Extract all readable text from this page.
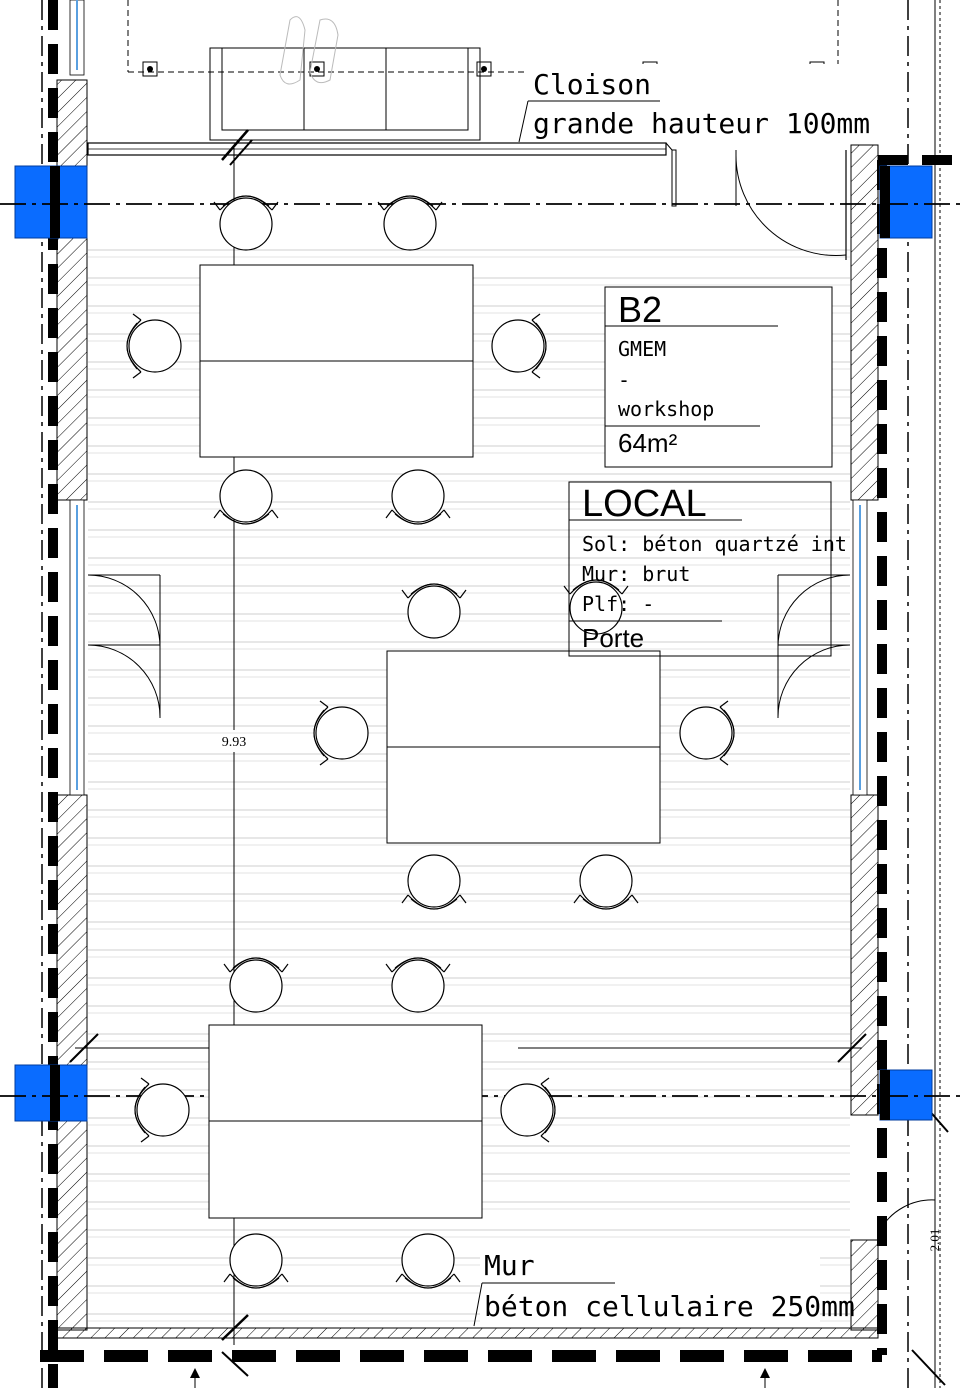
9.93
2.01
B2
GMEM
-
workshop
64m²
LOCAL
Sol: béton quartzé int
Mur: brut
Plf: -
Porte
Cloison
grande hauteur 100mm
Mur
béton cellulaire 250mm
